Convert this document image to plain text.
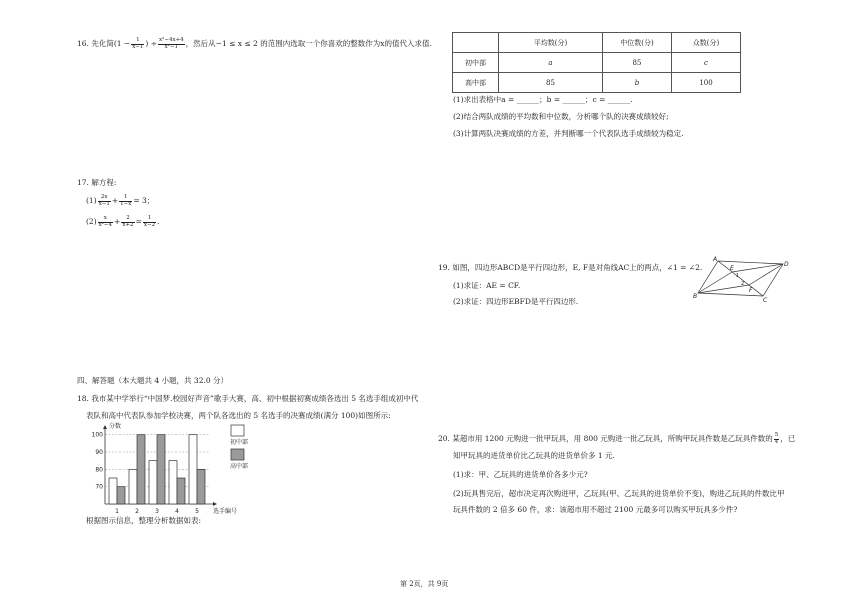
16. 先化简($1 - \frac{1}{x-1}$ ) ÷ $\frac{\text{x²−4x+4}}{\text{x²−1}}$ ，然后从−1 ≤ x ≤ 2 的范围内选取一个你喜欢的整数作为x的值代入求值.
17. 解方程:
$(1) \frac{2x}{x-1} + \frac{1}{1-x} = 3$；
$(2) \frac{x}{\text{x²−4}} + \frac{2}{x+2} = \frac{1}{x-2}$ .
四、解答题（本大题共 4 小题，共 32.0 分）
18. 我市某中学举行“中国梦.校园好声音”歌手大赛，高、初中根据初赛成绩各选出 5 名选手组成初中代
表队和高中代表队参加学校决赛，两个队各选出的 5 名选手的决赛成绩(满分 100)如图所示:
70
80
90
100
1	2	3	4	5
分数
选手编号
初中部
高中部
根据图示信息，整理分析数据如表:
	平均数(分)	中位数(分)	众数(分)
初中部	a	85	c
高中部	85	b	100
(1)求出表格中a = ______；b = ______；c = ______.
(2)结合两队成绩的平均数和中位数，分析哪个队的决赛成绩较好;
(3)计算两队决赛成绩的方差，并判断哪一个代表队选手成绩较为稳定.
19. 如图，四边形ABCD是平行四边形，E, F是对角线AC上的两点，∠1 = ∠2.
(1)求证：AE = CF.
(2)求证：四边形EBFD是平行四边形.
A
B
C
D
E
F
1
2
20. 某超市用 1200 元购进一批甲玩具，用 800 元购进一批乙玩具，所购甲玩具件数是乙玩具件数的 $\frac{5}{4}$ ，已
知甲玩具的进货单价比乙玩具的进货单价多 1 元.
(1)求：甲、乙玩具的进货单价各多少元?
(2)玩具售完后，超市决定再次购进甲，乙玩具(甲、乙玩具的进货单价不变)，购进乙玩具的件数比甲
玩具件数的 2 倍多 60 件，求：该超市用不超过 2100 元最多可以购买甲玩具多少件?
第 2页，共 9页
